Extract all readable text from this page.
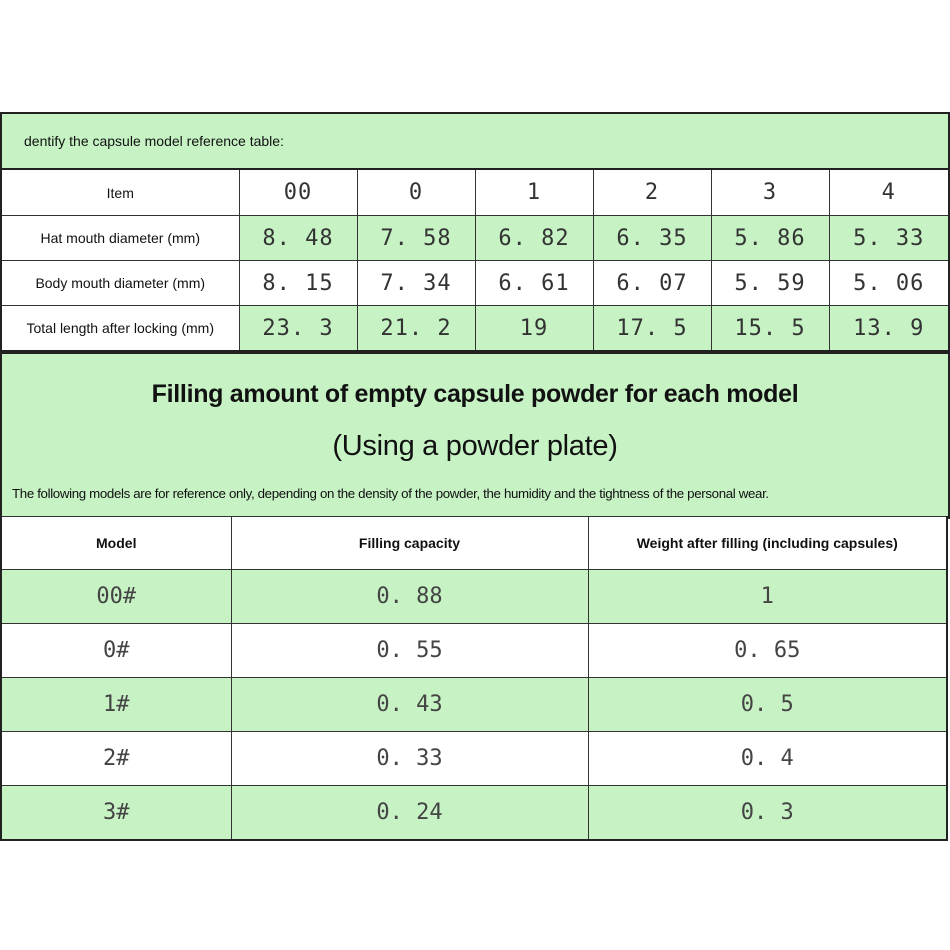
dentify the capsule model reference table:						
Item	00	0	1	2	3	4
Hat mouth diameter (mm)	8. 48	7. 58	6. 82	6. 35	5. 86	5. 33
Body mouth diameter (mm)	8. 15	7. 34	6. 61	6. 07	5. 59	5. 06
Total length after locking (mm)	23. 3	21. 2	19	17. 5	15. 5	13. 9
Filling amount of empty capsule powder for each model
(Using a powder plate)
The following models are for reference only, depending on the density of the powder, the humidity and the tightness of the personal wear.
Model	Filling capacity	Weight after filling (including capsules)
00#	0. 88	1
0#	0. 55	0. 65
1#	0. 43	0. 5
2#	0. 33	0. 4
3#	0. 24	0. 3
